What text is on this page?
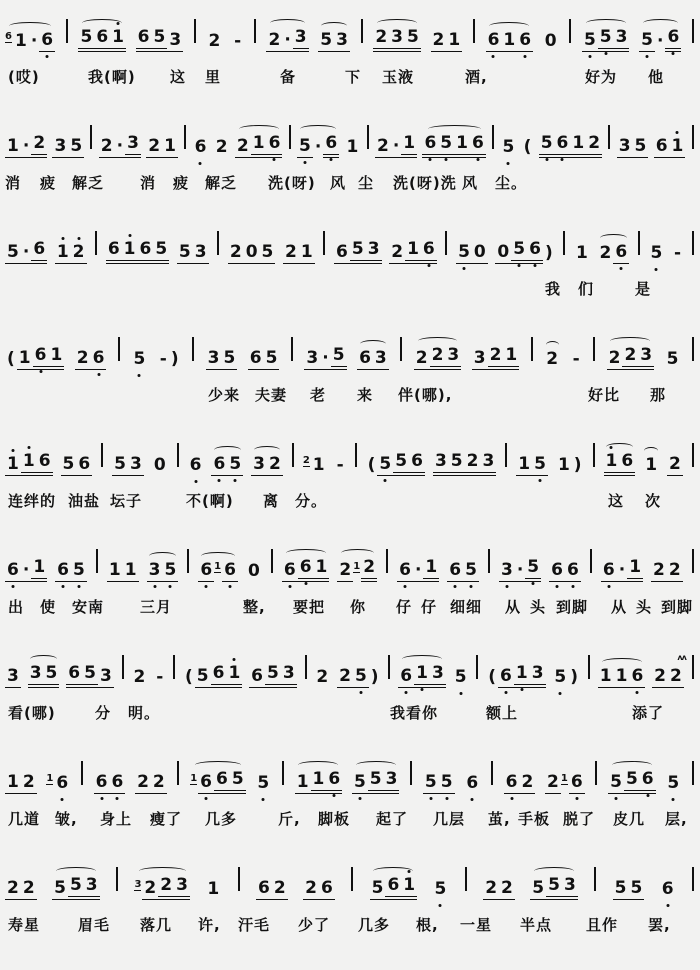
6 1 · 6 5 6 1 6 5 3 2 - 2 · 3 5 3 2 3 5 2 1 6 1 6 0 5 5 3 5 · 6
(哎)	我(啊) 这 里	备	下 玉液	酒,	好为 他
1 · 2 3 5 2 · 3 2 1 6 2 2 1 6 5 · 6 1 2 · 1 6 5 1 6 5 ( 5 6 1 2 3 5 6 1
消 疲 解乏 消 疲 解乏 洗(呀) 风 尘 洗(呀)洗 风 尘。
5 · 6 1 2 6 1 6 5 5 3 2 0 5 2 1 6 5 3 2 1 6 5 0 0 5 6 ) 1 2 6 5 -
我 们	是
( 1 6 1 2 6 5 - ) 3 5 6 5 3 · 5 6 3 2 2 3 3 2 1 2 - 2 2 3 5
少来 夫妻 老 来 伴(哪),	好比 那
1 1 6 5 6 5 3 0 6 6 5 3 2 2 1 - ( 5 5 6 3 5 2 3 1 5 1 ) 1 6 1 2
连绊的 油盐 坛子	不(啊) 离 分。	这 次
6 · 1 6 5 1 1 3 5 6 1 6 0 6 6 1 2 1 2 6 · 1 6 5 3 · 5 6 6 6 · 1 2 2
出 使 安南 三月	整, 要把 你 仔 仔 细细 从 头 到脚 从 头 到脚
3 3 5 6 5 3 2 - ( 5 6 1 6 5 3 2 2 5 ) 6 1 3 5 ( 6 1 3 5 ) 1 1 6
ʌʌ
2 2
看(哪)	分 明。	我看你	额上	添了
1 2 1 6 6 6 2 2	1 6 6 5 5 1 1 6 5 5 3 5 5 6 6 2 2 1 6 5 5 6 5
几道 皱, 身上 瘦了 几多	斤, 脚板 起了 几层 茧, 手板 脱了 皮几 层,
2 2 5 5 3	3 2 2 3 1 6 2 2 6 5 6 1 5 2 2 5 5 3 5 5 6
寿星	眉毛 落几 许, 汗毛 少了 几多 根, 一星 半点 且作 罢,
